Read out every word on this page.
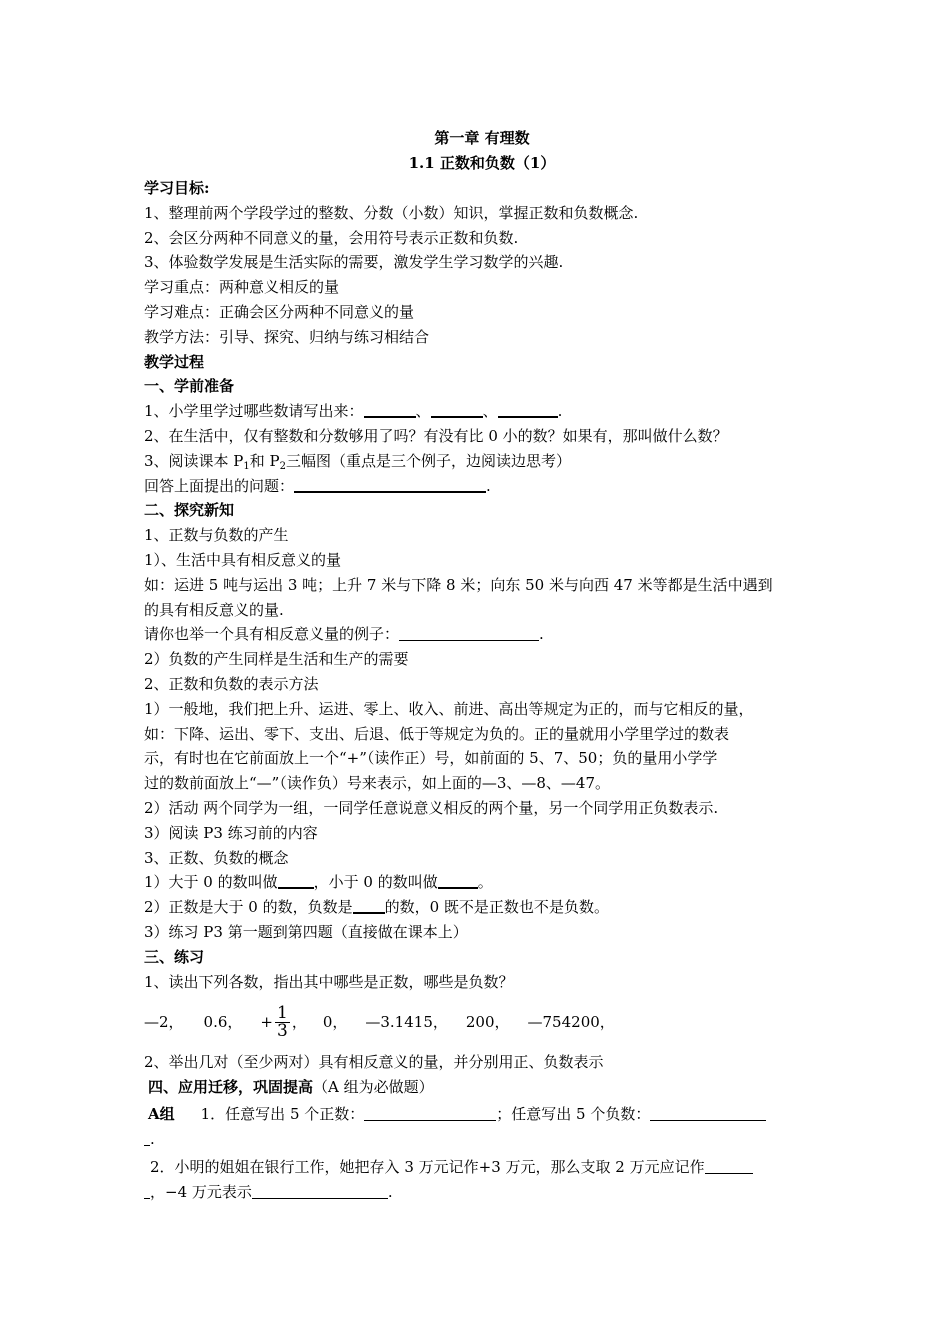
第一章 有理数
1.1 正数和负数（1）
学习目标:
1、整理前两个学段学过的整数、分数（小数）知识，掌握正数和负数概念.
2、会区分两种不同意义的量，会用符号表示正数和负数.
3、体验数学发展是生活实际的需要，激发学生学习数学的兴趣.
学习重点：两种意义相反的量
学习难点：正确会区分两种不同意义的量
教学方法：引导、探究、归纳与练习相结合
教学过程
一、学前准备
1、小学里学过哪些数请写出来：	、	、	.
2、在生活中，仅有整数和分数够用了吗？有没有比 0 小的数？如果有，那叫做什么数？
3、阅读课本 $P_1$和 $P_2$三幅图（重点是三个例子，边阅读边思考）
回答上面提出的问题：	.
二、探究新知
1、正数与负数的产生
1）、生活中具有相反意义的量
如：运进 5 吨与运出 3 吨；上升 7 米与下降 8 米；向东 50 米与向西 47 米等都是生活中遇到
的具有相反意义的量.
请你也举一个具有相反意义量的例子：	.
2）负数的产生同样是生活和生产的需要
2、正数和负数的表示方法
1）一般地，我们把上升、运进、零上、收入、前进、高出等规定为正的，而与它相反的量，
如：下降、运出、零下、支出、后退、低于等规定为负的。正的量就用小学里学过的数表
示，有时也在它前面放上一个“+”（读作正）号，如前面的 5、7、50；负的量用小学学
过的数前面放上“—”（读作负）号来表示，如上面的—3、—8、—47。
2）活动 两个同学为一组，一同学任意说意义相反的两个量，另一个同学用正负数表示.
3）阅读 P3 练习前的内容
3、正数、负数的概念
1）大于 0 的数叫做 ，小于 0 的数叫做	。
2）正数是大于 0 的数，负数是 的数，0 既不是正数也不是负数。
3）练习 P3 第一题到第四题（直接做在课本上）
三、练习
1、读出下列各数，指出其中哪些是正数，哪些是负数？
—2， 0.6， + $\frac{1}{3}$ ， 0， —3.1415， 200， —754200，
2、举出几对（至少两对）具有相反意义的量，并分别用正、负数表示
四、应用迁移，巩固提高（A 组为必做题）
A组 1．任意写出 5 个正数：	；任意写出 5 个负数：
.
2．小明的姐姐在银行工作，她把存入 3 万元记作+3 万元，那么支取 2 万元应记作
，−4 万元表示	.
